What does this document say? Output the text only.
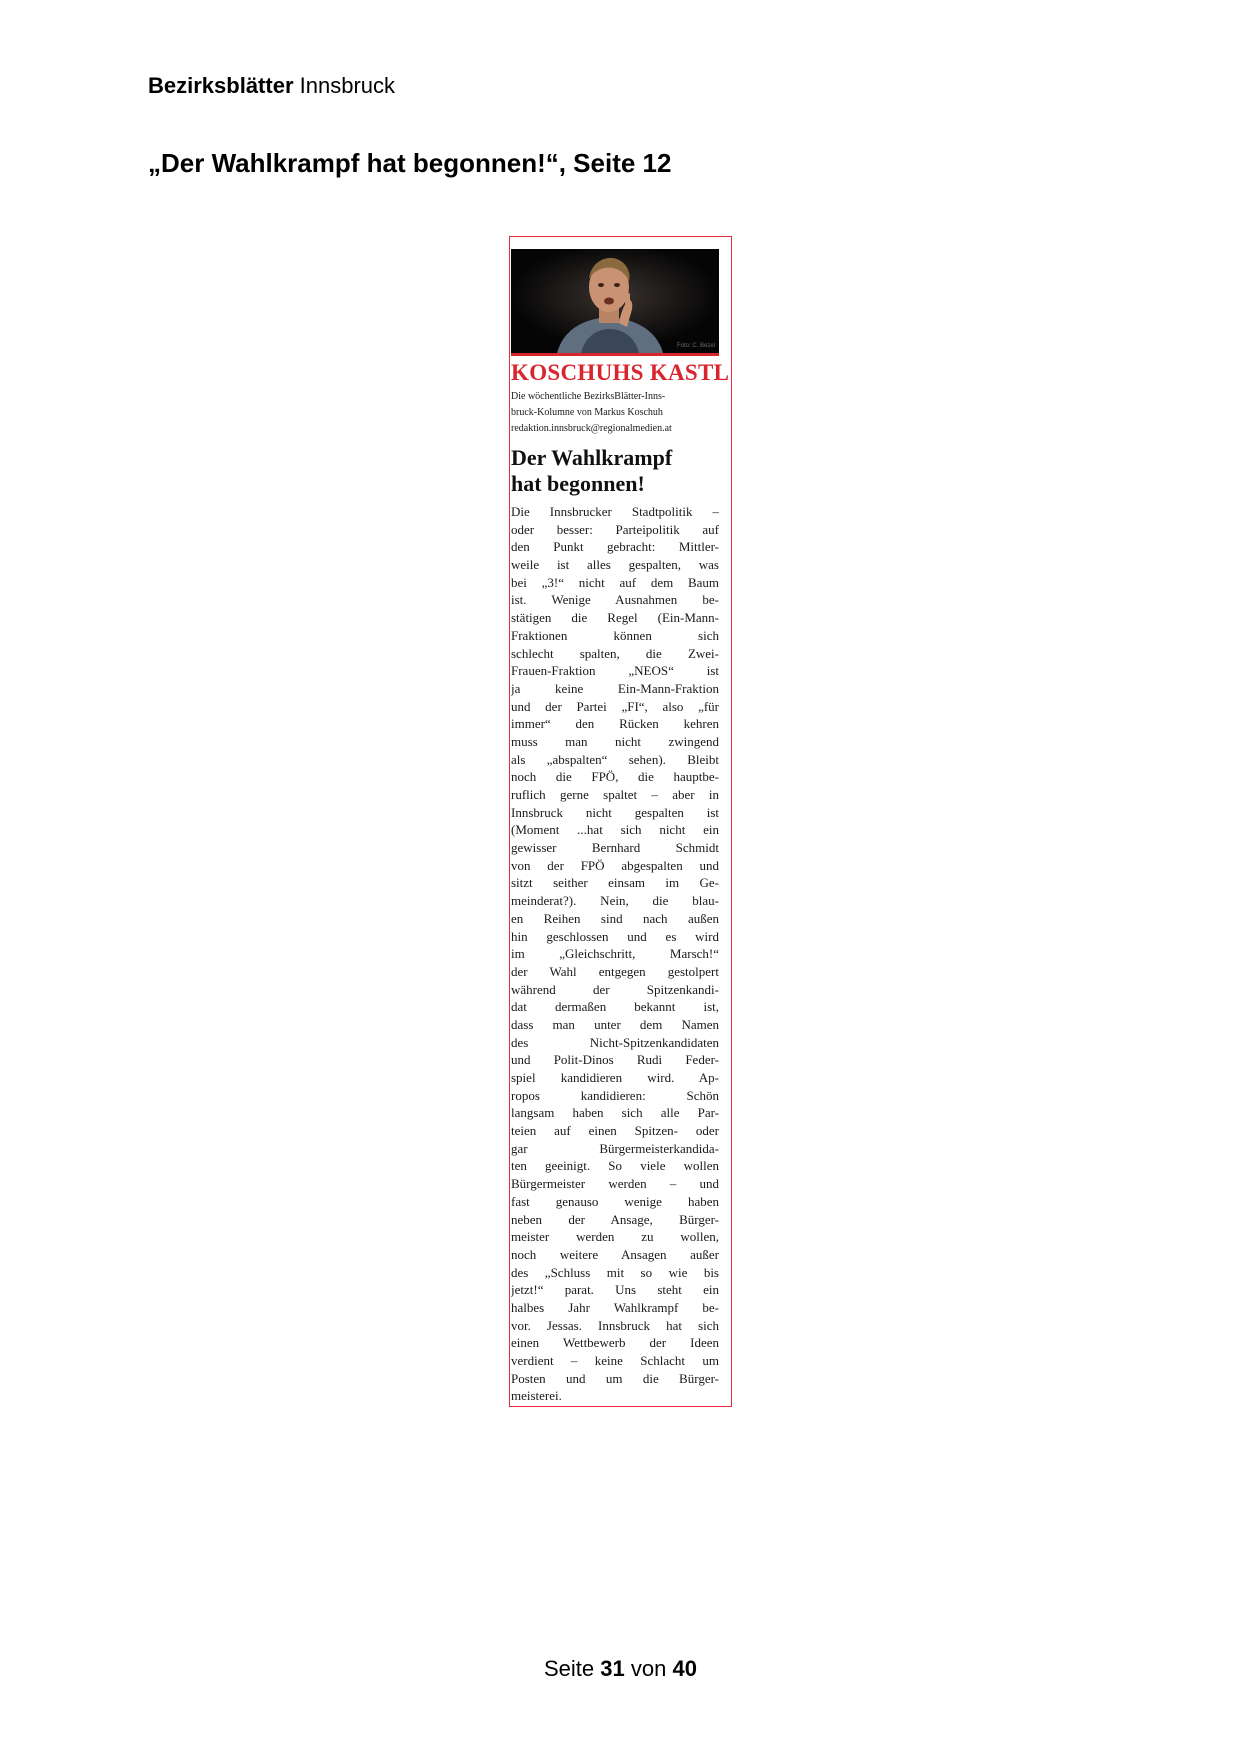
Bezirksblätter Innsbruck
„Der Wahlkrampf hat begonnen!“, Seite 12
Foto: C. Bezel
KOSCHUHS KASTL
Die wöchentliche BezirksBlätter-Inns-
bruck-Kolumne von Markus Koschuh
redaktion.innsbruck@regionalmedien.at
Der Wahlkrampf
hat begonnen!
Die Innsbrucker Stadtpolitik –
oder besser: Parteipolitik auf
den Punkt gebracht: Mittler-
weile ist alles gespalten, was
bei „3!“ nicht auf dem Baum
ist. Wenige Ausnahmen be-
stätigen die Regel (Ein-Mann-
Fraktionen können sich
schlecht spalten, die Zwei-
Frauen-Fraktion „NEOS“ ist
ja keine Ein-Mann-Fraktion
und der Partei „FI“, also „für
immer“ den Rücken kehren
muss man nicht zwingend
als „abspalten“ sehen). Bleibt
noch die FPÖ, die hauptbe-
ruflich gerne spaltet – aber in
Innsbruck nicht gespalten ist
(Moment ...hat sich nicht ein
gewisser Bernhard Schmidt
von der FPÖ abgespalten und
sitzt seither einsam im Ge-
meinderat?). Nein, die blau-
en Reihen sind nach außen
hin geschlossen und es wird
im „Gleichschritt, Marsch!“
der Wahl entgegen gestolpert
während der Spitzenkandi-
dat dermaßen bekannt ist,
dass man unter dem Namen
des Nicht-Spitzenkandidaten
und Polit-Dinos Rudi Feder-
spiel kandidieren wird. Ap-
ropos kandidieren: Schön
langsam haben sich alle Par-
teien auf einen Spitzen- oder
gar Bürgermeisterkandida-
ten geeinigt. So viele wollen
Bürgermeister werden – und
fast genauso wenige haben
neben der Ansage, Bürger-
meister werden zu wollen,
noch weitere Ansagen außer
des „Schluss mit so wie bis
jetzt!“ parat. Uns steht ein
halbes Jahr Wahlkrampf be-
vor. Jessas. Innsbruck hat sich
einen Wettbewerb der Ideen
verdient – keine Schlacht um
Posten und um die Bürger-
meisterei.
Seite 31 von 40
